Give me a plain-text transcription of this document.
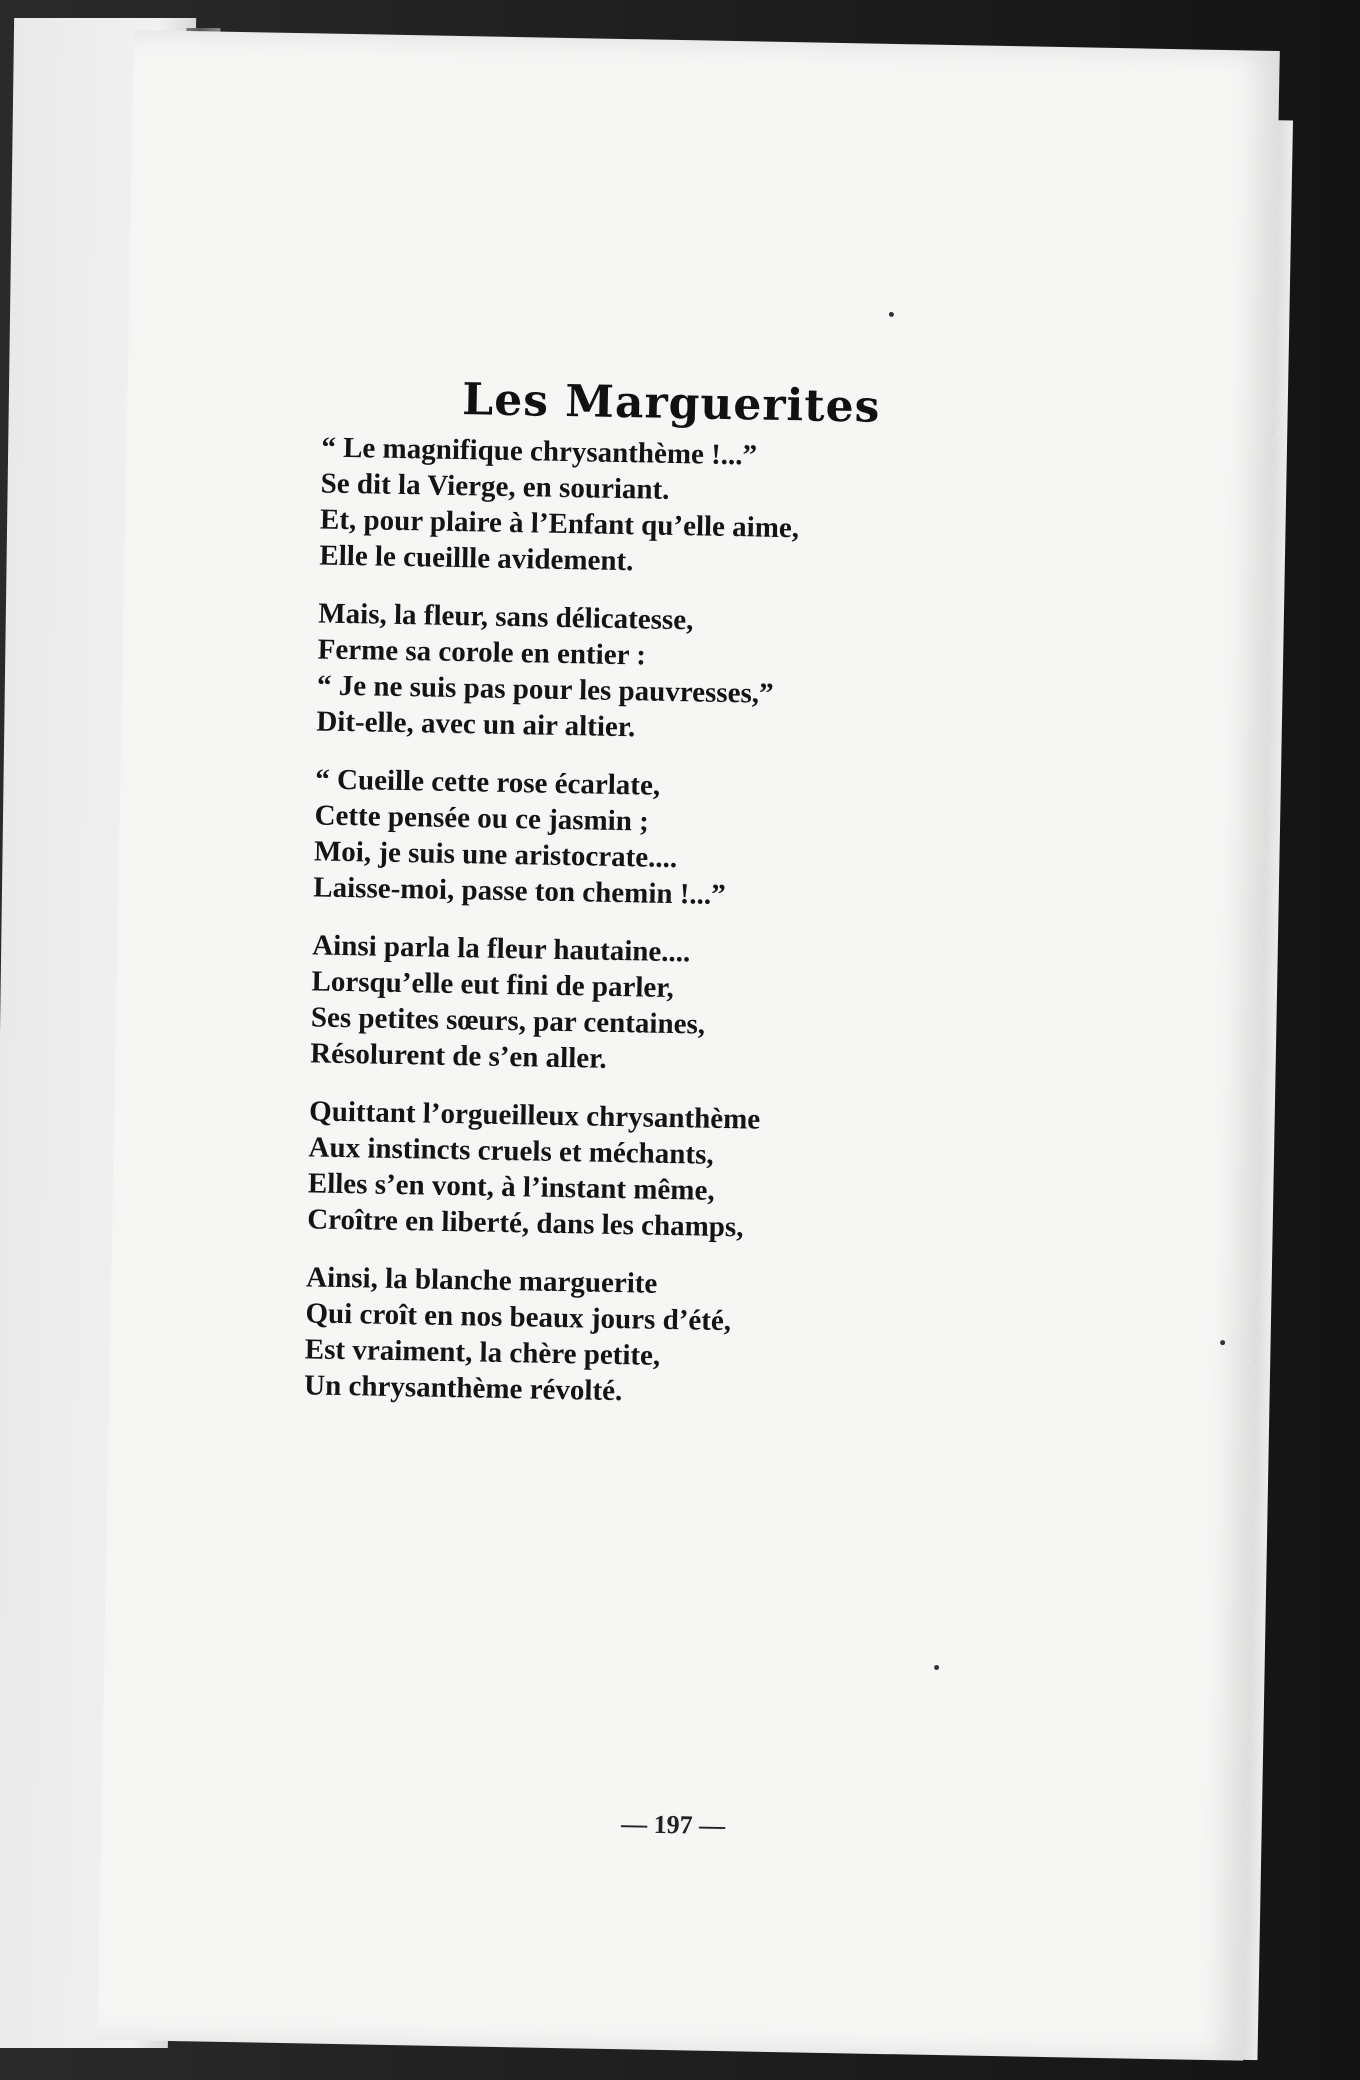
Les Marguerites
“ Le magnifique chrysanthème !...”
Se dit la Vierge, en souriant.
Et, pour plaire à l’Enfant qu’elle aime,
Elle le cueillle avidement.
Mais, la fleur, sans délicatesse,
Ferme sa corole en entier :
“ Je ne suis pas pour les pauvresses,”
Dit-elle, avec un air altier.
“ Cueille cette rose écarlate,
Cette pensée ou ce jasmin ;
Moi, je suis une aristocrate....
Laisse-moi, passe ton chemin !...”
Ainsi parla la fleur hautaine....
Lorsqu’elle eut fini de parler,
Ses petites sœurs, par centaines,
Résolurent de s’en aller.
Quittant l’orgueilleux chrysanthème
Aux instincts cruels et méchants,
Elles s’en vont, à l’instant même,
Croître en liberté, dans les champs,
Ainsi, la blanche marguerite
Qui croît en nos beaux jours d’été,
Est vraiment, la chère petite,
Un chrysanthème révolté.
— 197 —
